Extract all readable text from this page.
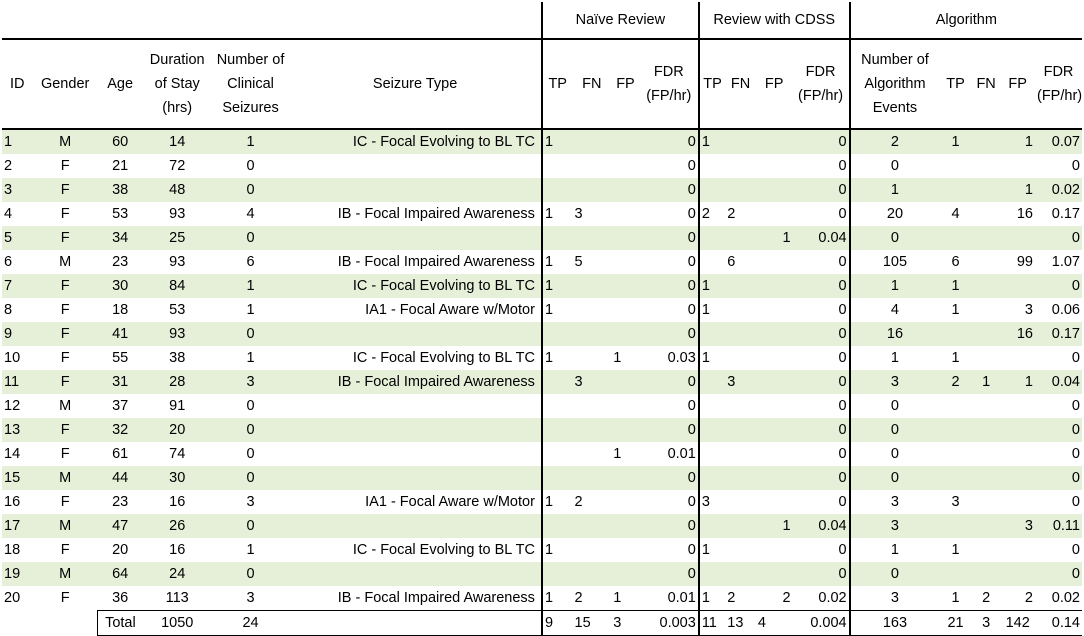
						Naïve Review				Review with CDSS				Algorithm				
ID	Gender	Age	Duration of Stay (hrs)	Number of Clinical Seizures	Seizure Type	TP	FN	FP	FDR (FP/hr)	TP	FN	FP	FDR (FP/hr)	Number of Algorithm Events	TP	FN	FP	FDR (FP/hr)
1	M	60	14	1	IC - Focal Evolving to BL TC	1			0	1			0	2	1		1	0.07
2	F	21	72	0					0				0	0				0
3	F	38	48	0					0				0	1			1	0.02
4	F	53	93	4	IB - Focal Impaired Awareness	1	3		0	2	2		0	20	4		16	0.17
5	F	34	25	0					0			1	0.04	0				0
6	M	23	93	6	IB - Focal Impaired Awareness	1	5		0		6		0	105	6		99	1.07
7	F	30	84	1	IC - Focal Evolving to BL TC	1			0	1			0	1	1			0
8	F	18	53	1	IA1 - Focal Aware w/Motor	1			0	1			0	4	1		3	0.06
9	F	41	93	0					0				0	16			16	0.17
10	F	55	38	1	IC - Focal Evolving to BL TC	1		1	0.03	1			0	1	1			0
11	F	31	28	3	IB - Focal Impaired Awareness		3		0		3		0	3	2	1	1	0.04
12	M	37	91	0					0				0	0				0
13	F	32	20	0					0				0	0				0
14	F	61	74	0				1	0.01				0	0				0
15	M	44	30	0					0				0	0				0
16	F	23	16	3	IA1 - Focal Aware w/Motor	1	2		0	3			0	3	3			0
17	M	47	26	0					0			1	0.04	3			3	0.11
18	F	20	16	1	IC - Focal Evolving to BL TC	1			0	1			0	1	1			0
19	M	64	24	0					0				0	0				0
20	F	36	113	3	IB - Focal Impaired Awareness	1	2	1	0.01	1	2	2	0.02	3	1	2	2	0.02
		Total	1050	24		9	15	3	0.003	11	13	4	0.004	163	21	3	142	0.14
